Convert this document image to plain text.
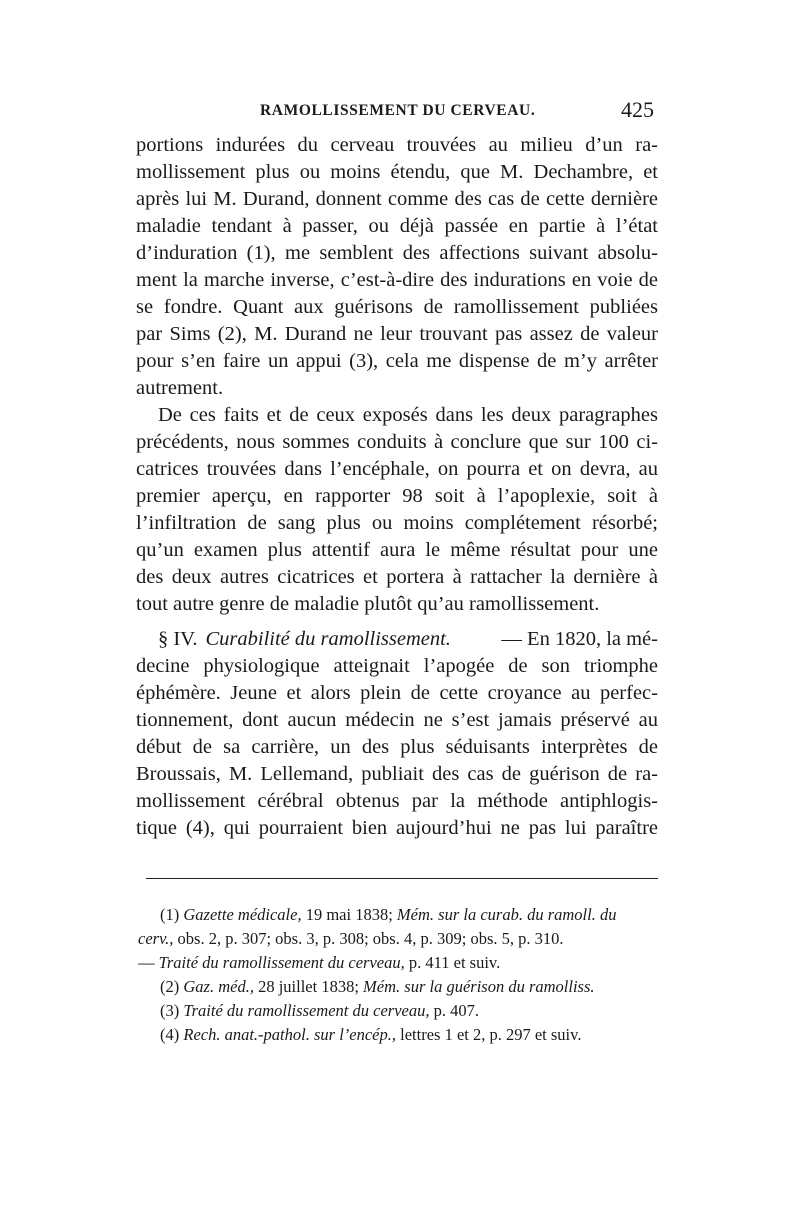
RAMOLLISSEMENT DU CERVEAU.	425
portions indurées du cerveau trouvées au milieu d’un ra-
mollissement plus ou moins étendu, que M. Dechambre, et
après lui M. Durand, donnent comme des cas de cette dernière
maladie tendant à passer, ou déjà passée en partie à l’état
d’induration (1), me semblent des affections suivant absolu-
ment la marche inverse, c’est-à-dire des indurations en voie de
se fondre. Quant aux guérisons de ramollissement publiées
par Sims (2), M. Durand ne leur trouvant pas assez de valeur
pour s’en faire un appui (3), cela me dispense de m’y arrêter
autrement.
De ces faits et de ceux exposés dans les deux paragraphes
précédents, nous sommes conduits à conclure que sur 100 ci-
catrices trouvées dans l’encéphale, on pourra et on devra, au
premier aperçu, en rapporter 98 soit à l’apoplexie, soit à
l’infiltration de sang plus ou moins complétement résorbé;
qu’un examen plus attentif aura le même résultat pour une
des deux autres cicatrices et portera à rattacher la dernière à
tout autre genre de maladie plutôt qu’au ramollissement.
§ IV. Curabilité du ramollissement.	— En 1820, la mé-
decine physiologique atteignait l’apogée de son triomphe
éphémère. Jeune et alors plein de cette croyance au perfec-
tionnement, dont aucun médecin ne s’est jamais préservé au
début de sa carrière, un des plus séduisants interprètes de
Broussais, M. Lellemand, publiait des cas de guérison de ra-
mollissement cérébral obtenus par la méthode antiphlogis-
tique (4), qui pourraient bien aujourd’hui ne pas lui paraître
(1) Gazette médicale, 19 mai 1838; Mém. sur la curab. du ramoll. du
cerv., obs. 2, p. 307; obs. 3, p. 308; obs. 4, p. 309; obs. 5, p. 310.
— Traité du ramollissement du cerveau, p. 411 et suiv.
(2) Gaz. méd., 28 juillet 1838; Mém. sur la guérison du ramolliss.
(3) Traité du ramollissement du cerveau, p. 407.
(4) Rech. anat.-pathol. sur l’encép., lettres 1 et 2, p. 297 et suiv.
